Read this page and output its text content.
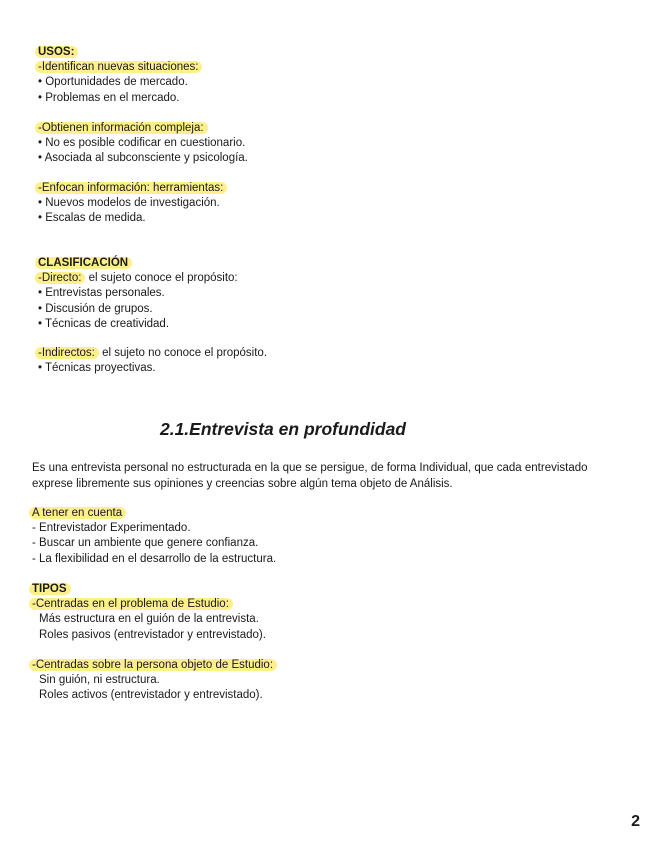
USOS:
-Identifican nuevas situaciones:
• Oportunidades de mercado.
• Problemas en el mercado.
-Obtienen información compleja:
• No es posible codificar en cuestionario.
• Asociada al subconsciente y psicología.
-Enfocan información: herramientas:
• Nuevos modelos de investigación.
• Escalas de medida.
CLASIFICACIÓN
-Directo: el sujeto conoce el propósito:
• Entrevistas personales.
• Discusión de grupos.
• Técnicas de creatividad.
-Indirectos: el sujeto no conoce el propósito.
• Técnicas proyectivas.
2.1.Entrevista en profundidad
Es una entrevista personal no estructurada en la que se persigue, de forma Individual, que cada entrevistado exprese libremente sus opiniones y creencias sobre algún tema objeto de Análisis.
A tener en cuenta
- Entrevistador Experimentado.
- Buscar un ambiente que genere confianza.
- La flexibilidad en el desarrollo de la estructura.
TIPOS
-Centradas en el problema de Estudio:
Más estructura en el guión de la entrevista.
Roles pasivos (entrevistador y entrevistado).
-Centradas sobre la persona objeto de Estudio:
Sin guión, ni estructura.
Roles activos (entrevistador y entrevistado).
2
